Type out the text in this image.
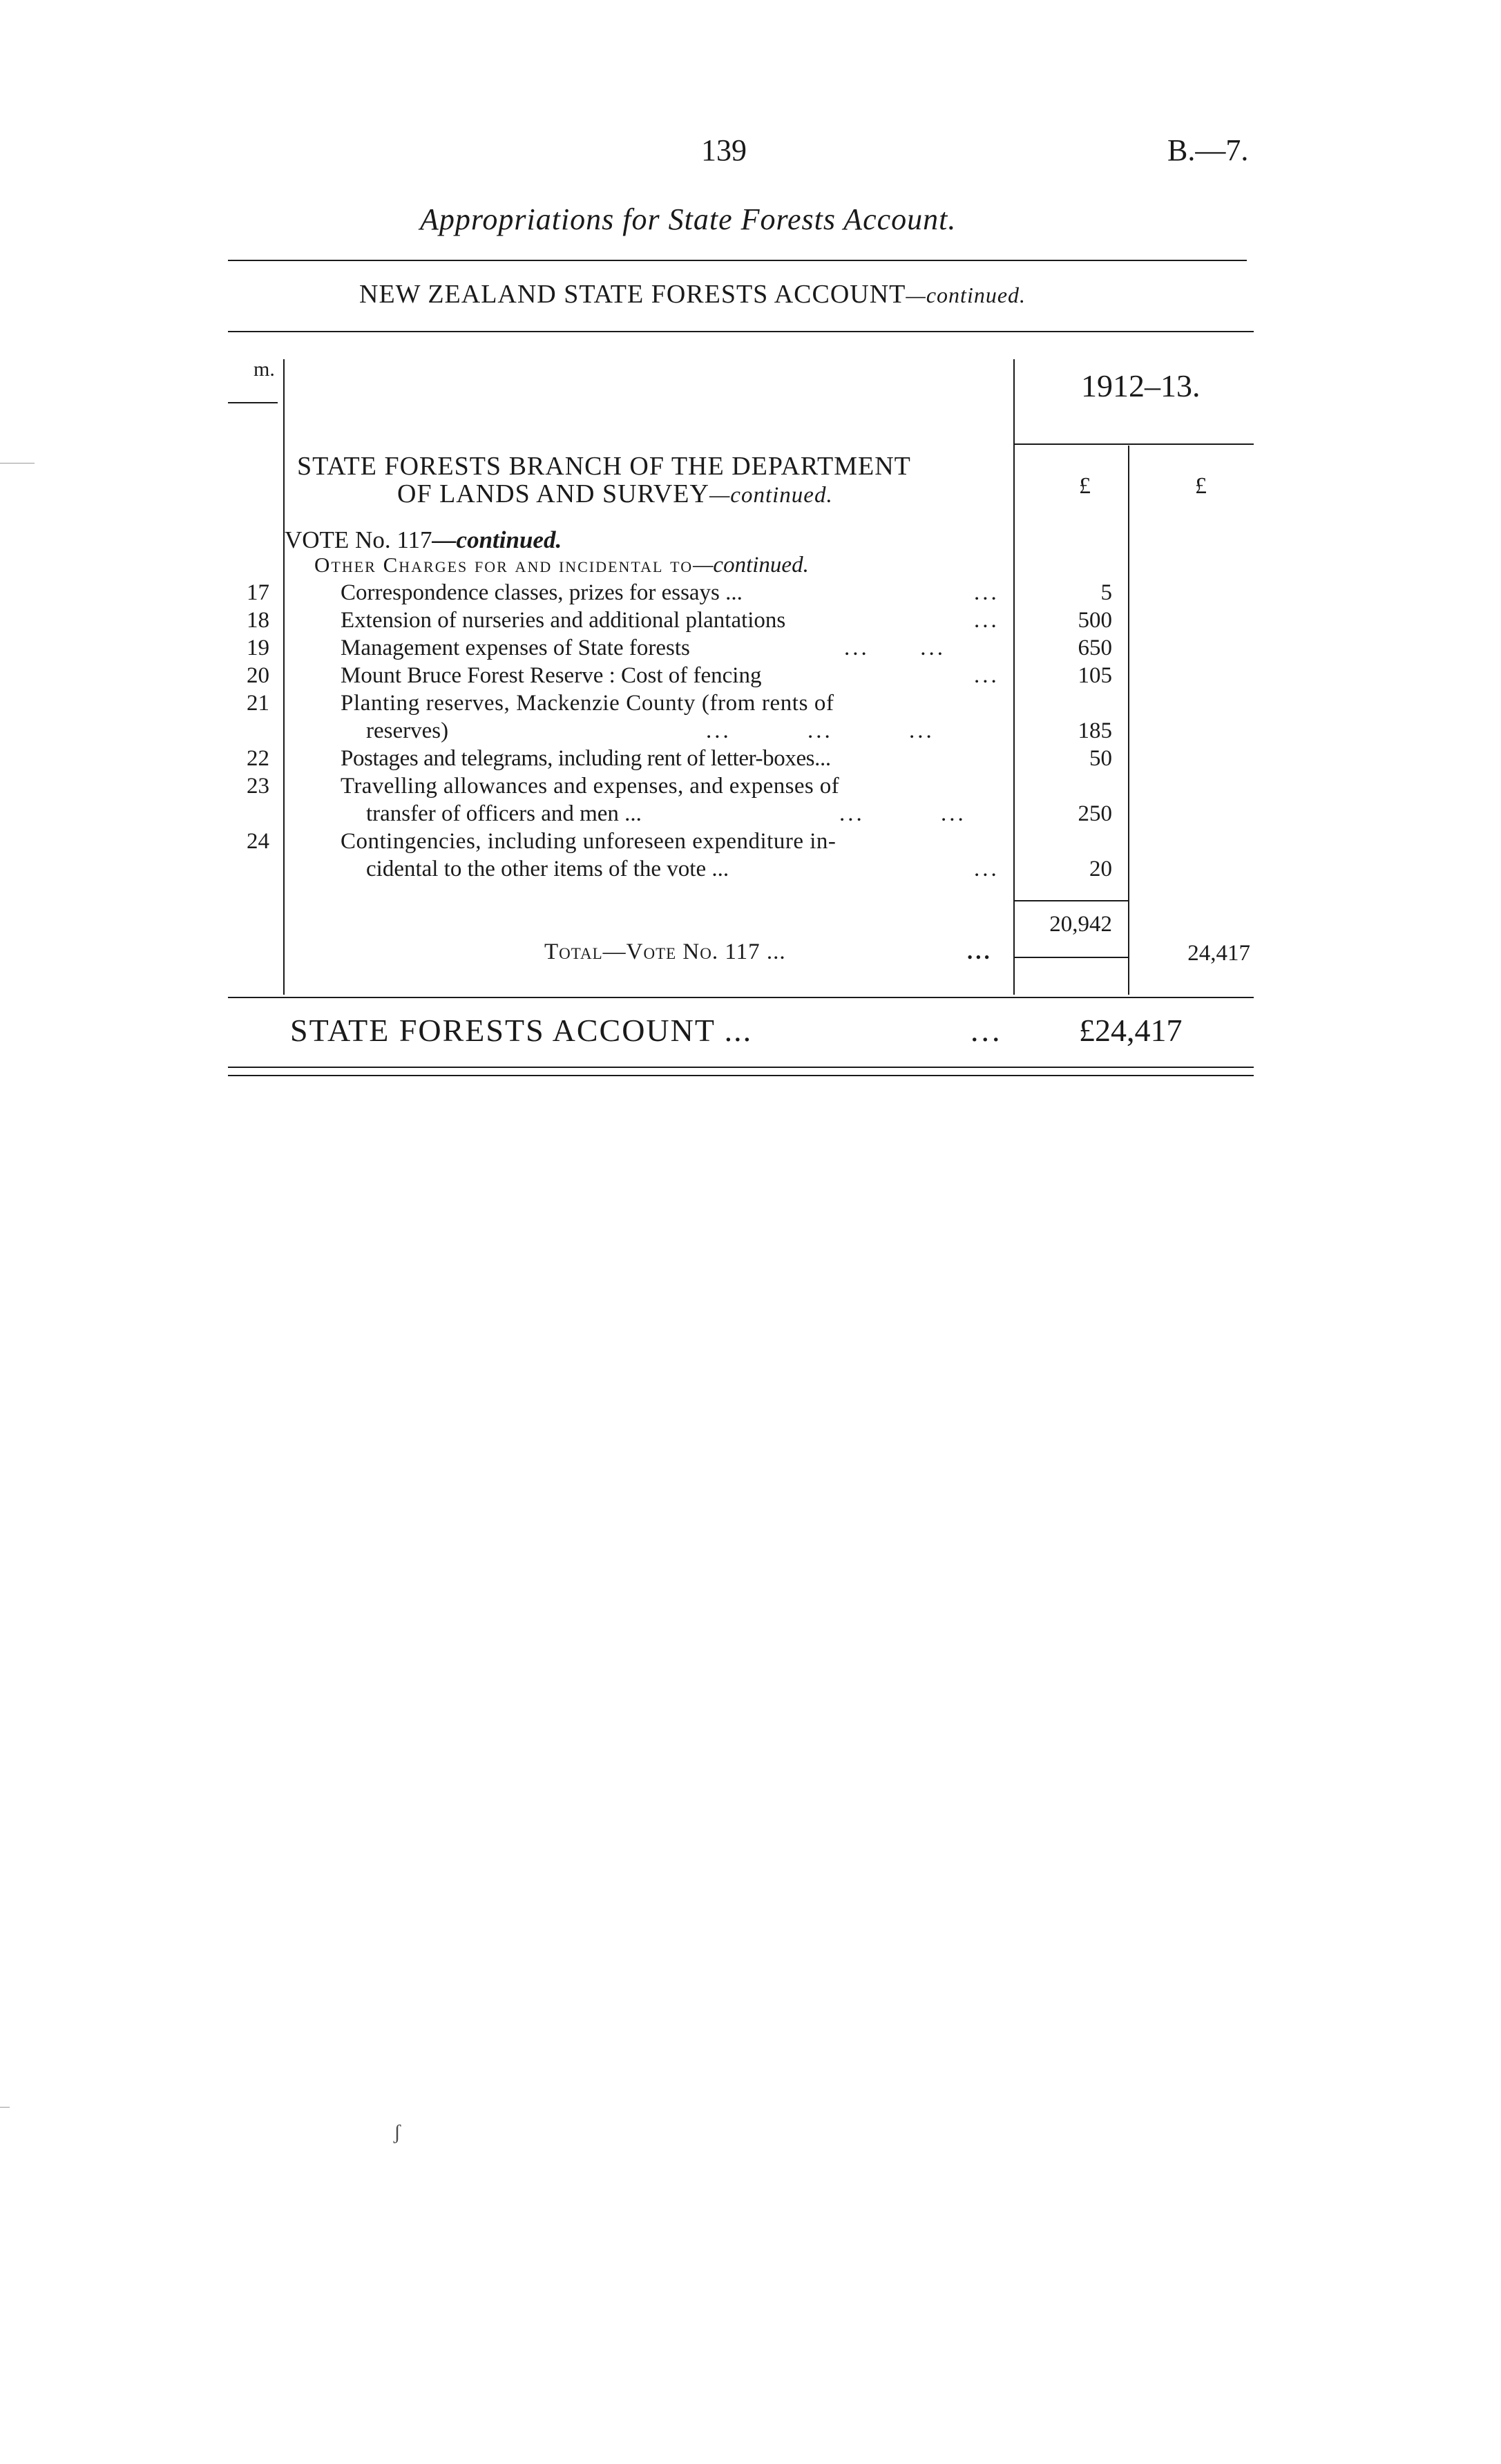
139	B.—7.
Appropriations for State Forests Account.
NEW ZEALAND STATE FORESTS ACCOUNT—continued.
m.	1912–13.
£	£
STATE FORESTS BRANCH OF THE DEPARTMENT
OF LANDS AND SURVEY—continued.
VOTE No. 117—continued.
Other Charges for and incidental to—continued.
17	Correspondence classes, prizes for essays ...	...	5
18	Extension of nurseries and additional plantations	...	500
19	Management expenses of State forests	...      ...	650
20	Mount Bruce Forest Reserve : Cost of fencing	...	105
21	Planting reserves, Mackenzie County (from rents of
reserves)	...         ...         ...	185
22	Postages and telegrams, including rent of letter-boxes...	50
23	Travelling allowances and expenses, and expenses of
transfer of officers and men ...	...         ...	250
24	Contingencies, including unforeseen expenditure in-
cidental to the other items of the vote ...	...	20
20,942
Total—Vote No. 117 ...	...	24,417
STATE FORESTS ACCOUNT ...	... £24,417
ʃ
